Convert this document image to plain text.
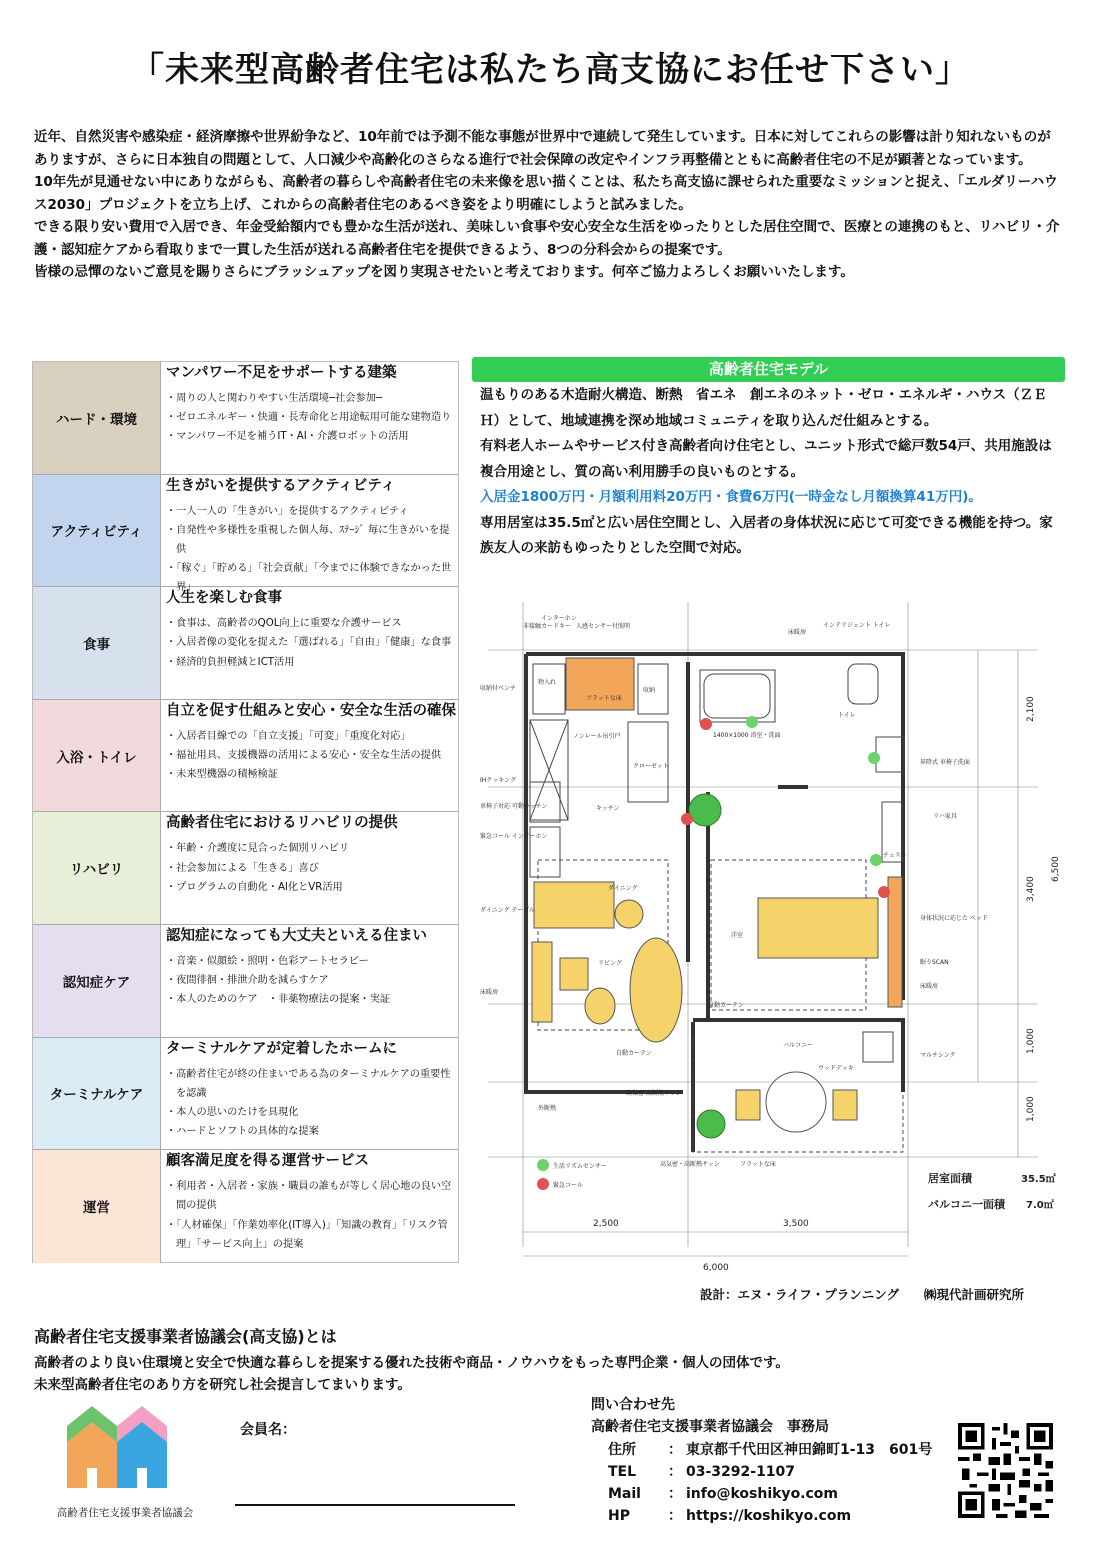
「未来型高齢者住宅は私たち高支協にお任せ下さい」

近年、自然災害や感染症・経済摩擦や世界紛争など、10年前では予測不能な事態が世界中で連続して発生しています。日本に対してこれらの影響は計り知れないものがありますが、さらに日本独自の問題として、人口減少や高齢化のさらなる進行で社会保障の改定やインフラ再整備とともに高齢者住宅の不足が顕著となっています。

10年先が見通せない中にありながらも、高齢者の暮らしや高齢者住宅の未来像を思い描くことは、私たち高支協に課せられた重要なミッションと捉え、「エルダリーハウス2030」プロジェクトを立ち上げ、これからの高齢者住宅のあるべき姿をより明確にしようと試みました。

できる限り安い費用で入居でき、年金受給額内でも豊かな生活が送れ、美味しい食事や安心安全な生活をゆったりとした居住空間で、医療との連携のもと、リハビリ・介護・認知症ケアから看取りまで一貫した生活が送れる高齢者住宅を提供できるよう、8つの分科会からの提案です。

皆様の忌憚のないご意見を賜りさらにブラッシュアップを図り実現させたいと考えております。何卒ご協力よろしくお願いいたします。

ハード・環境
マンパワー不足をサポートする建築
・周りの人と関わりやすい生活環境─社会参加─
・ゼロエネルギー・快適・長寿命化と用途転用可能な建物造り
・マンパワー不足を補うIT・AI・介護ロボットの活用
アクティビティ
生きがいを提供するアクティビティ
・一人一人の「生きがい」を提供するアクティビティ
・自発性や多様性を重視した個人毎、ｽﾃｰｼﾞ 毎に生きがいを提供
・「稼ぐ」「貯める」「社会貢献」「今までに体験できなかった世界」
食事
人生を楽しむ食事
・食事は、高齢者のQOL向上に重要な介護サービス
・入居者像の変化を捉えた「選ばれる」「自由」「健康」な食事
・経済的負担軽減とICT活用
入浴・トイレ
自立を促す仕組みと安心・安全な生活の確保
・入居者目線での「自立支援」「可変」「重度化対応」
・福祉用具、支援機器の活用による安心・安全な生活の提供
・未来型機器の積極検証
リハビリ
高齢者住宅におけるリハビリの提供
・年齢・介護度に見合った個別リハビリ
・社会参加による「生きる」喜び
・プログラムの自動化・AI化とVR活用
認知症ケア
認知症になっても大丈夫といえる住まい
・音楽・似顔絵・照明・色彩アートセラピー
・夜間徘徊・排泄介助を減らすケア
・本人のためのケア　・非薬物療法の提案・実証
ターミナルケア
ターミナルケアが定着したホームに
・高齢者住宅が終の住まいである為のターミナルケアの重要性を認識
・本人の思いのたけを具現化
・ハードとソフトの具体的な提案
運営
顧客満足度を得る運営サービス
・利用者・入居者・家族・職員の誰もが等しく居心地の良い空間の提供
・「人材確保」「作業効率化(IT導入)」「知識の教育」「リスク管理」「サービス向上」の提案
高齢者住宅モデル

温もりのある木造耐火構造、断熱　省エネ　創エネのネット・ゼロ・エネルギ・ハウス（ＺＥＨ）として、地域連携を深め地域コミュニティを取り込んだ仕組みとする。

有料老人ホームやサービス付き高齢者向け住宅とし、ユニット形式で総戸数54戸、共用施設は複合用途とし、質の高い利用勝手の良いものとする。

入居金1800万円・月額利用料20万円・食費6万円(一時金なし月額換算41万円)。

専用居室は35.5㎡と広い居住空間とし、入居者の身体状況に応じて可変できる機能を持つ。家族友人の来訪もゆったりとした空間で対応。

インターホン
非接触カードキー 人感センサー付照明
収納付ベンチ
物入れ
フラットな床
収納
ノンレール吊引戸
クローゼット
キッチン
IHクッキング
車椅子対応 可動キッチン
緊急コール インターホン
ダイニング
ダイニング テーブル
リビング
床暖房
自動カーテン
外断熱
高気密 高断熱サッシ
1400×1000 浴室・洗面
インテリジェント トイレ
床暖房
トイレ
昇降式 車椅子洗面
リハ家具
チェスト
洋室
身体状況に応じた ベッド
眠りSCAN
床暖房
自動カーテン
バルコニー
ウッドデッキ
マルチシンク
高気密・高断熱サッシ	フラットな床
生活リズムセンサー
緊急コール
2,100
3,400
6,500
1,000
1,000
2,500	3,500
6,000
居室面積	35.5㎡
バルコニ一面積 7.0㎡
設計：エヌ・ライフ・プランニング　　㈱現代計画研究所
高齢者住宅支援事業者協議会(高支協)とは
高齢者のより良い住環境と安全で快適な暮らしを提案する優れた技術や商品・ノウハウをもった専門企業・個人の団体です。
未来型高齢者住宅のあり方を研究し社会提言してまいります。
高齢者住宅支援事業者協議会
会員名：
問い合わせ先
高齢者住宅支援事業者協議会　事務局
住所	： 東京都千代田区神田錦町1-13　601号
TEL	： 03-3292-1107
Mail	： info@koshikyo.com
HP	： https://koshikyo.com
